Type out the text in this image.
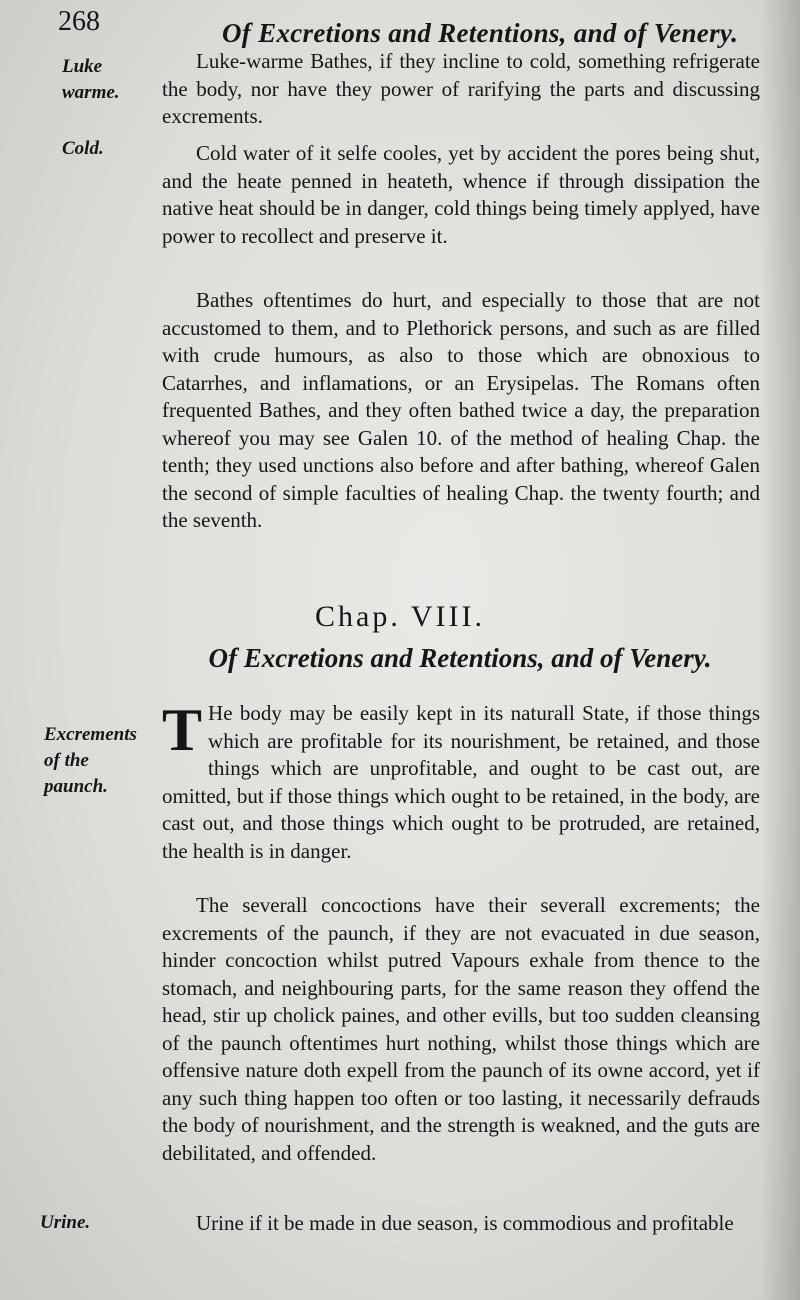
268	Of Excretions and Retentions, and of Venery.
Luke warme.
Cold.

Luke-warme Bathes, if they incline to cold, something refrigerate the body, nor have they power of rarifying the parts and discussing excrements.

Cold water of it selfe cooles, yet by accident the pores being shut, and the heate penned in heateth, whence if through dissipation the native heat should be in danger, cold things being timely applyed, have power to recollect and preserve it.

Bathes oftentimes do hurt, and especially to those that are not accustomed to them, and to Plethorick persons, and such as are filled with crude humours, as also to those which are obnoxious to Catarrhes, and inflamations, or an Erysipelas. The Romans often frequented Bathes, and they often bathed twice a day, the preparation whereof you may see Galen 10. of the method of healing Chap. the tenth; they used unctions also before and after bathing, whereof Galen the second of simple faculties of healing Chap. the twenty fourth; and the seventh.

Chap. VIII.
Of Excretions and Retentions, and of Venery.
Excrements of the paunch.
T He body may be easily kept in its naturall State, if those things which are profitable for its nourishment, be retained, and those things which are unprofitable, and ought to be cast out, are omitted, but if those things which ought to be retained, in the body, are cast out, and those things which ought to be protruded, are retained, the health is in danger.

The severall concoctions have their severall excrements; the excrements of the paunch, if they are not evacuated in due season, hinder concoction whilst putred Vapours exhale from thence to the stomach, and neighbouring parts, for the same reason they offend the head, stir up cholick paines, and other evills, but too sudden cleansing of the paunch oftentimes hurt nothing, whilst those things which are offensive nature doth expell from the paunch of its owne accord, yet if any such thing happen too often or too lasting, it necessarily defrauds the body of nourishment, and the strength is weakned, and the guts are debilitated, and offended.

Urine.	Urine if it be made in due season, is commodious and profitable
